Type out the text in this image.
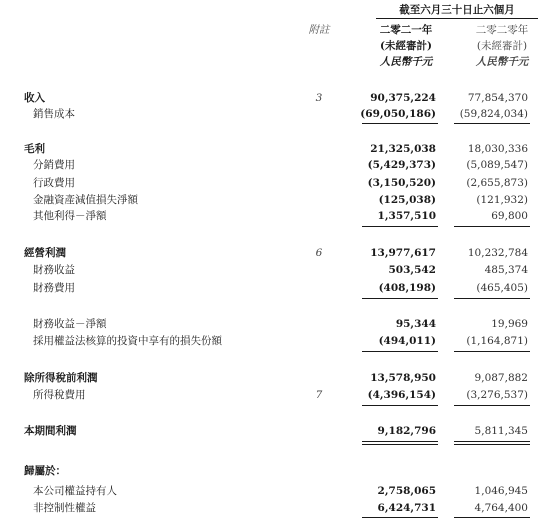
截至六月三十日止六個月
附註	二零二一年
(未經審計)
人民幣千元
二零二零年
(未經審計)
人民幣千元
收入	3	90,375,224	77,854,370
銷售成本	(69,050,186) (59,824,034)
毛利	21,325,038	18,030,336
分銷費用	(5,429,373)	(5,089,547)
行政費用	(3,150,520)	(2,655,873)
金融資產減值損失淨額	(125,038)	(121,932)
其他利得－淨額	1,357,510	69,800
經營利潤	6	13,977,617	10,232,784
財務收益	503,542	485,374
財務費用	(408,198)	(465,405)
財務收益－淨額	95,344	19,969
採用權益法核算的投資中享有的損失份額	(494,011)	(1,164,871)
除所得稅前利潤	13,578,950	9,087,882
所得稅費用	7	(4,396,154)	(3,276,537)
本期間利潤	9,182,796	5,811,345
歸屬於：
本公司權益持有人	2,758,065	1,046,945
非控制性權益	6,424,731	4,764,400
